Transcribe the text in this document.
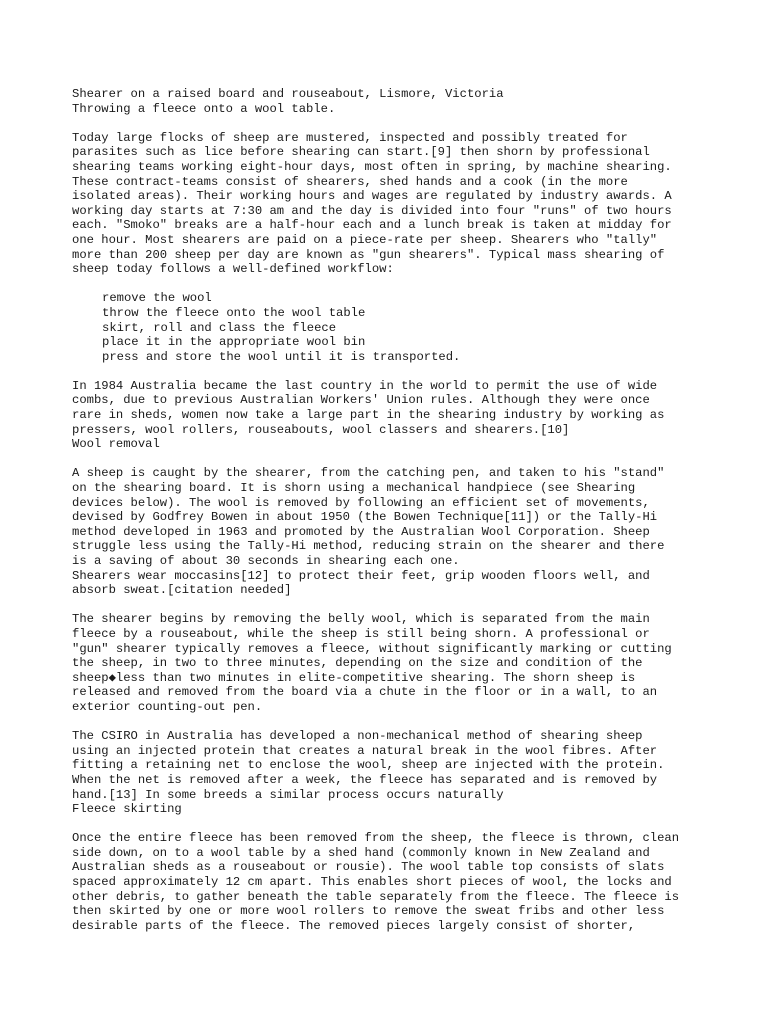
Shearer on a raised board and rouseabout, Lismore, Victoria
Throwing a fleece onto a wool table.
Today large flocks of sheep are mustered, inspected and possibly treated for
parasites such as lice before shearing can start.[9] then shorn by professional
shearing teams working eight-hour days, most often in spring, by machine shearing.
These contract-teams consist of shearers, shed hands and a cook (in the more
isolated areas). Their working hours and wages are regulated by industry awards. A
working day starts at 7:30 am and the day is divided into four "runs" of two hours
each. "Smoko" breaks are a half-hour each and a lunch break is taken at midday for
one hour. Most shearers are paid on a piece-rate per sheep. Shearers who "tally"
more than 200 sheep per day are known as "gun shearers". Typical mass shearing of
sheep today follows a well-defined workflow:
remove the wool
throw the fleece onto the wool table
skirt, roll and class the fleece
place it in the appropriate wool bin
press and store the wool until it is transported.
In 1984 Australia became the last country in the world to permit the use of wide
combs, due to previous Australian Workers' Union rules. Although they were once
rare in sheds, women now take a large part in the shearing industry by working as
pressers, wool rollers, rouseabouts, wool classers and shearers.[10]
Wool removal
A sheep is caught by the shearer, from the catching pen, and taken to his "stand"
on the shearing board. It is shorn using a mechanical handpiece (see Shearing
devices below). The wool is removed by following an efficient set of movements,
devised by Godfrey Bowen in about 1950 (the Bowen Technique[11]) or the Tally-Hi
method developed in 1963 and promoted by the Australian Wool Corporation. Sheep
struggle less using the Tally-Hi method, reducing strain on the shearer and there
is a saving of about 30 seconds in shearing each one.
Shearers wear moccasins[12] to protect their feet, grip wooden floors well, and
absorb sweat.[citation needed]
The shearer begins by removing the belly wool, which is separated from the main
fleece by a rouseabout, while the sheep is still being shorn. A professional or
"gun" shearer typically removes a fleece, without significantly marking or cutting
the sheep, in two to three minutes, depending on the size and condition of the
sheep◆less than two minutes in elite-competitive shearing. The shorn sheep is
released and removed from the board via a chute in the floor or in a wall, to an
exterior counting-out pen.
The CSIRO in Australia has developed a non-mechanical method of shearing sheep
using an injected protein that creates a natural break in the wool fibres. After
fitting a retaining net to enclose the wool, sheep are injected with the protein.
When the net is removed after a week, the fleece has separated and is removed by
hand.[13] In some breeds a similar process occurs naturally
Fleece skirting
Once the entire fleece has been removed from the sheep, the fleece is thrown, clean
side down, on to a wool table by a shed hand (commonly known in New Zealand and
Australian sheds as a rouseabout or rousie). The wool table top consists of slats
spaced approximately 12 cm apart. This enables short pieces of wool, the locks and
other debris, to gather beneath the table separately from the fleece. The fleece is
then skirted by one or more wool rollers to remove the sweat fribs and other less
desirable parts of the fleece. The removed pieces largely consist of shorter,
